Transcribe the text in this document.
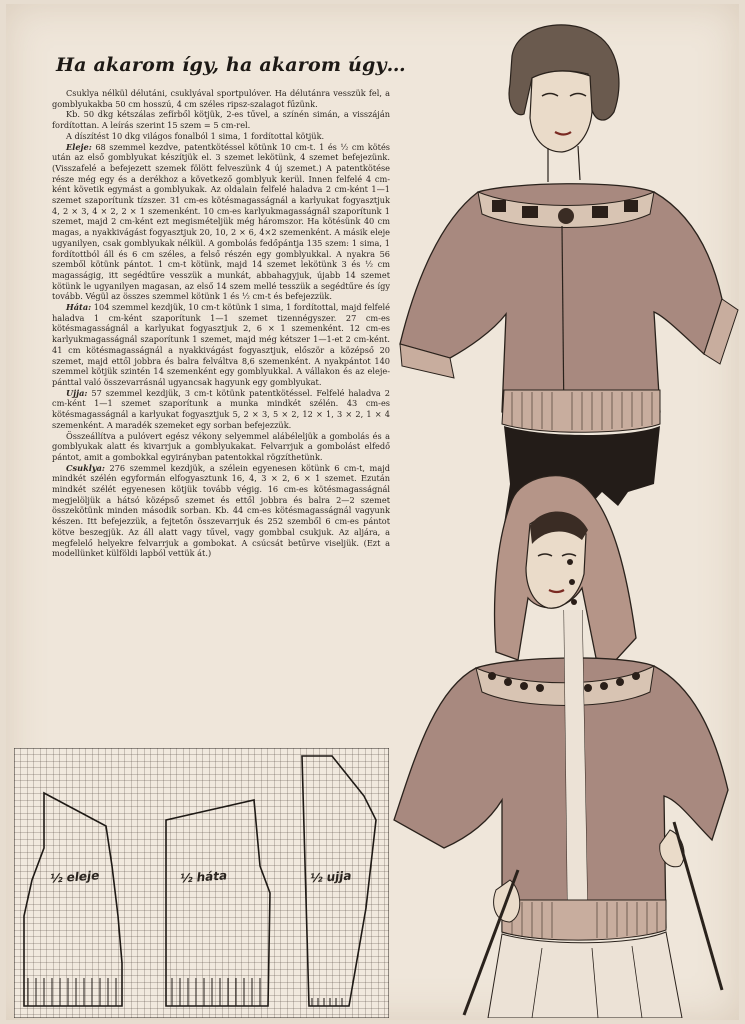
Ha akarom így, ha akarom úgy…

Csuklya nélkül délutáni, csuklyával sportpulóver. Ha délutánra vesszük fel, a gomblyukakba 50 cm hosszú, 4 cm széles ripsz-szalagot fűzünk.

Kb. 50 dkg kétszálas zefírből kötjük, 2-es tűvel, a színén simán, a visszáján fordítottan. A leírás szerint 15 szem = 5 cm-rel.

A díszítést 10 dkg világos fonalból 1 sima, 1 fordítottal kötjük.

Eleje: 68 szemmel kezdve, patentkötéssel kötünk 10 cm-t. 1 és ½ cm kötés után az első gomblyukat készítjük el. 3 szemet lekötünk, 4 szemet befejezünk. (Visszafelé a befejezett szemek fölött felveszünk 4 új szemet.) A patentkötése része még egy és a derékhoz a következő gomblyuk kerül. Innen felfelé 4 cm-ként követik egymást a gomblyukak. Az oldalain felfelé haladva 2 cm-ként 1—1 szemet szaporítunk tízszer. 31 cm-es kötésmagasságnál a karlyukat fogyasztjuk 4, 2 × 3, 4 × 2, 2 × 1 szemenként. 10 cm-es karlyukmagasságnál szaporítunk 1 szemet, majd 2 cm-ként ezt megismételjük még háromszor. Ha kötésünk 40 cm magas, a nyakkivágást fogyasztjuk 20, 10, 2 × 6, 4×2 szemenként. A másik eleje ugyanilyen, csak gomblyukak nélkül. A gombolás fedőpántja 135 szem: 1 sima, 1 fordítottból áll és 6 cm széles, a felső részén egy gomblyukkal. A nyakra 56 szemből kötünk pántot. 1 cm-t kötünk, majd 14 szemet lekötünk 3 és ½ cm magasságig, itt segédtűre vesszük a munkát, abbahagyjuk, újabb 14 szemet kötünk le ugyanilyen magasan, az első 14 szem mellé tesszük a segédtűre és így tovább. Végül az összes szemmel kötünk 1 és ½ cm-t és befejezzük.

Háta: 104 szemmel kezdjük, 10 cm-t kötünk 1 sima, 1 fordítottal, majd felfelé haladva 1 cm-ként szaporítunk 1—1 szemet tizennégyszer. 27 cm-es kötésmagasságnál a karlyukat fogyasztjuk 2, 6 × 1 szemenként. 12 cm-es karlyukmagasságnál szaporítunk 1 szemet, majd még kétszer 1—1-et 2 cm-ként. 41 cm kötésmagasságnál a nyakkivágást fogyasztjuk, először a középső 20 szemet, majd ettől jobbra és balra felváltva 8,6 szemenként. A nyakpántot 140 szemmel kötjük szintén 14 szemenként egy gomblyukkal. A vállakon és az eleje-pánttal való összevarrásnál ugyancsak hagyunk egy gomblyukat.

Ujja: 57 szemmel kezdjük, 3 cm-t kötünk patentkötéssel. Felfelé haladva 2 cm-ként 1—1 szemet szaporítunk a munka mindkét szélén. 43 cm-es kötésmagasságnál a karlyukat fogyasztjuk 5, 2 × 3, 5 × 2, 12 × 1, 3 × 2, 1 × 4 szemenként. A maradék szemeket egy sorban befejezzük.

Összeállítva a pulóvert egész vékony selyemmel alábéleljük a gombolás és a gomblyukak alatt és kivarrjuk a gomblyukakat. Felvarrjuk a gombolást elfedő pántot, amit a gombokkal egyirányban patentokkal rögzíthetünk.

Csuklya: 276 szemmel kezdjük, a szélein egyenesen kötünk 6 cm-t, majd mindkét szélén egyformán elfogyasztunk 16, 4, 3 × 2, 6 × 1 szemet. Ezután mindkét szélét egyenesen kötjük tovább végig. 16 cm-es kötésmagasságnál megjelöljük a hátsó középső szemet és ettől jobbra és balra 2—2 szemet összekötünk minden második sorban. Kb. 44 cm-es kötésmagasságnál vagyunk készen. Itt befejezzük, a fejtetőn összevarrjuk és 252 szemből 6 cm-es pántot kötve beszegjük. Az áll alatt vagy tűvel, vagy gombbal csukjuk. Az aljára, a megfelelő helyekre felvarrjuk a gombokat. A csúcsát betűrve viseljük. (Ezt a modellünket külföldi lapból vettük át.)

½ eleje	½ háta	½ ujja
